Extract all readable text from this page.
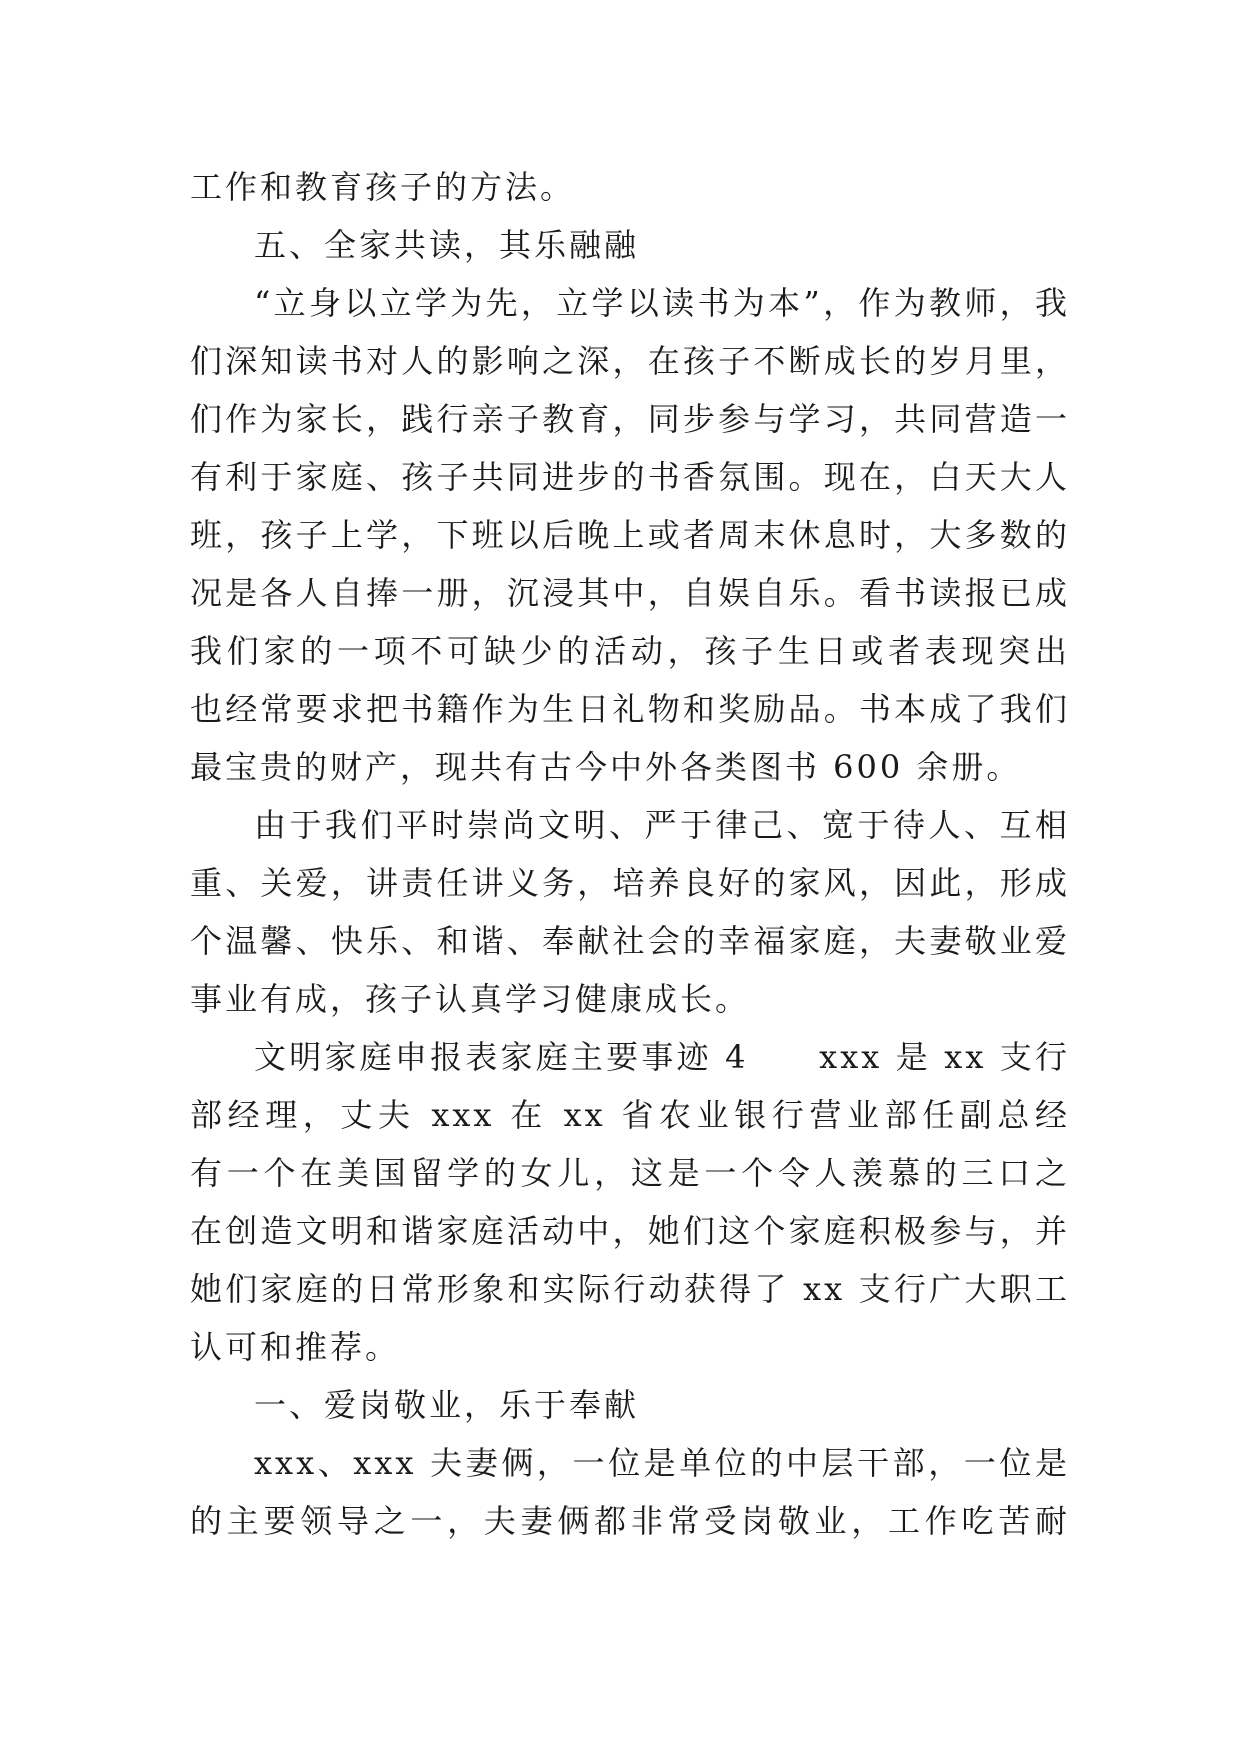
工作和教育孩子的方法。
五、全家共读，其乐融融
“立身以立学为先，立学以读书为本”，作为教师，我
们深知读书对人的影响之深，在孩子不断成长的岁月里，
们作为家长，践行亲子教育，同步参与学习，共同营造一
有利于家庭、孩子共同进步的书香氛围。现在，白天大人
班，孩子上学，下班以后晚上或者周末休息时，大多数的
况是各人自捧一册，沉浸其中，自娱自乐。看书读报已成
我们家的一项不可缺少的活动，孩子生日或者表现突出
也经常要求把书籍作为生日礼物和奖励品。书本成了我们
最宝贵的财产，现共有古今中外各类图书 600 余册。
由于我们平时崇尚文明、严于律己、宽于待人、互相
重、关爱，讲责任讲义务，培养良好的家风，因此，形成
个温馨、快乐、和谐、奉献社会的幸福家庭，夫妻敬业爱
事业有成，孩子认真学习健康成长。
文明家庭申报表家庭主要事迹 4　　xxx 是 xx 支行
部经理，丈夫 xxx 在 xx 省农业银行营业部任副总经
有一个在美国留学的女儿，这是一个令人羡慕的三口之
在创造文明和谐家庭活动中，她们这个家庭积极参与，并
她们家庭的日常形象和实际行动获得了 xx 支行广大职工
认可和推荐。
一、爱岗敬业，乐于奉献
xxx、xxx 夫妻俩，一位是单位的中层干部，一位是
的主要领导之一，夫妻俩都非常受岗敬业，工作吃苦耐
